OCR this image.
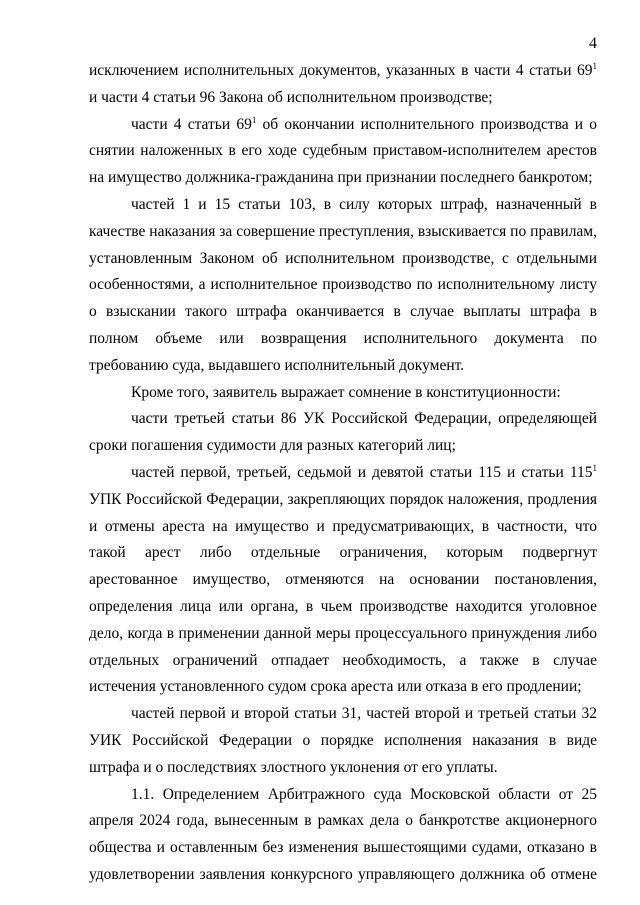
4

исключением исполнительных документов, указанных в части 4 статьи $69^1$

и части 4 статьи 96 Закона об исполнительном производстве;

части 4 статьи $69^1$ об окончании исполнительного производства и о

снятии наложенных в его ходе судебным приставом-исполнителем арестов

на имущество должника-гражданина при признании последнего банкротом;

частей 1 и 15 статьи 103, в силу которых штраф, назначенный в

качестве наказания за совершение преступления, взыскивается по правилам,

установленным Законом об исполнительном производстве, с отдельными

особенностями, а исполнительное производство по исполнительному листу

о взыскании такого штрафа оканчивается в случае выплаты штрафа в

полном объеме или возвращения исполнительного документа по

требованию суда, выдавшего исполнительный документ.

Кроме того, заявитель выражает сомнение в конституционности:

части третьей статьи 86 УК Российской Федерации, определяющей

сроки погашения судимости для разных категорий лиц;

частей первой, третьей, седьмой и девятой статьи 115 и статьи $115^1$

УПК Российской Федерации, закрепляющих порядок наложения, продления

и отмены ареста на имущество и предусматривающих, в частности, что

такой арест либо отдельные ограничения, которым подвергнут

арестованное имущество, отменяются на основании постановления,

определения лица или органа, в чьем производстве находится уголовное

дело, когда в применении данной меры процессуального принуждения либо

отдельных ограничений отпадает необходимость, а также в случае

истечения установленного судом срока ареста или отказа в его продлении;

частей первой и второй статьи 31, частей второй и третьей статьи 32

УИК Российской Федерации о порядке исполнения наказания в виде

штрафа и о последствиях злостного уклонения от его уплаты.

1.1. Определением Арбитражного суда Московской области от 25

апреля 2024 года, вынесенным в рамках дела о банкротстве акционерного

общества и оставленным без изменения вышестоящими судами, отказано в

удовлетворении заявления конкурсного управляющего должника об отмене
